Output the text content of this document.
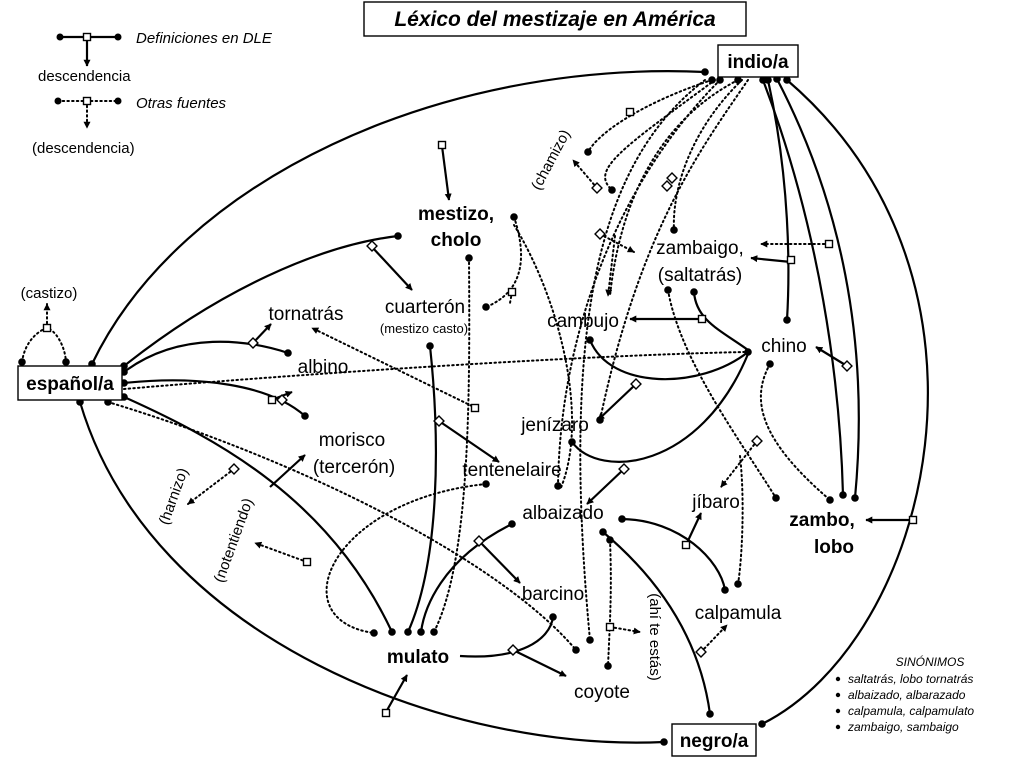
Léxico del mestizaje en América
Definiciones en DLE
descendencia
Otras fuentes
(descendencia)
indio/a
español/a
negro/a
mestizo,
cholo
cuarterón
(mestizo casto)
tornatrás
albino
morisco
(tercerón)
(castizo)
(chamizo)
zambaigo,
(saltatrás)
cambujo
chino
jenízaro
tentenelaire
albaizado
jíbaro
zambo,
lobo
barcino
calpamula
mulato
coyote
(harnizo) (notentiendo)
(ahí te estás)	SINÓNIMOS
saltatrás, lobo tornatrás
albaizado, albarazado
calpamula, calpamulato
zambaigo, sambaigo
